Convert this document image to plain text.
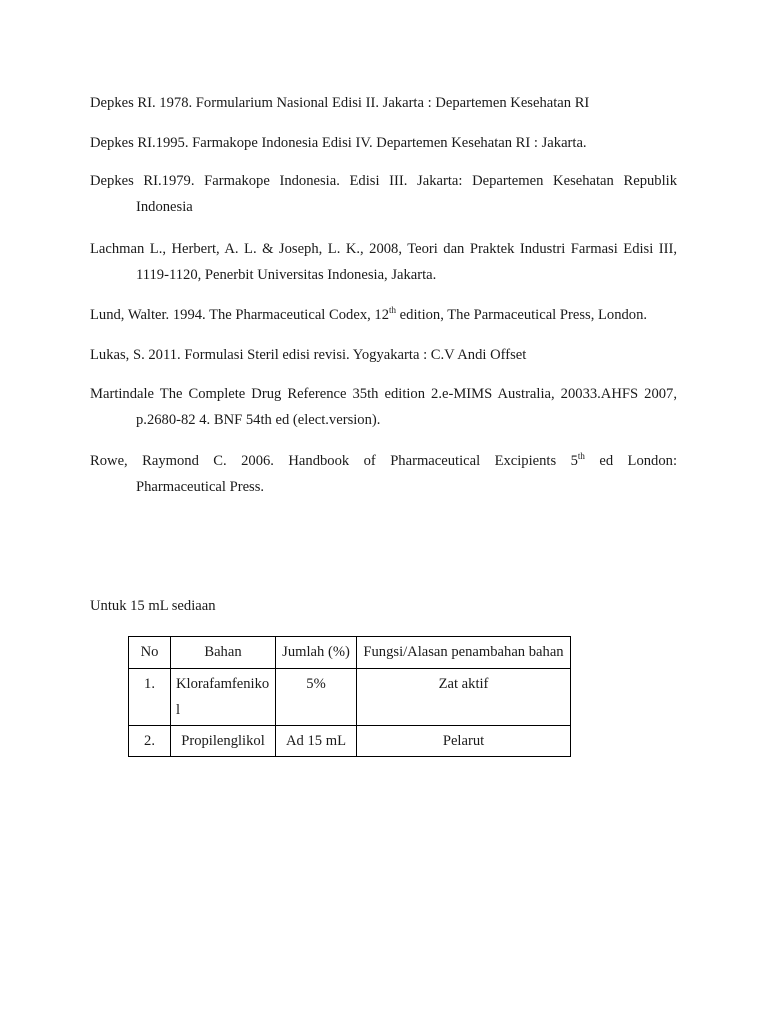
Depkes RI. 1978. Formularium Nasional Edisi II. Jakarta : Departemen Kesehatan RI

Depkes RI.1995. Farmakope Indonesia Edisi IV. Departemen Kesehatan RI : Jakarta.

Depkes RI.1979. Farmakope Indonesia. Edisi III. Jakarta: Departemen Kesehatan Republik
Indonesia

Lachman L., Herbert, A. L. & Joseph, L. K., 2008, Teori dan Praktek Industri Farmasi Edisi III,
1119-1120, Penerbit Universitas Indonesia, Jakarta.

Lund, Walter. 1994. The Pharmaceutical Codex, 12th edition, The Parmaceutical Press, London.

Lukas, S. 2011. Formulasi Steril edisi revisi. Yogyakarta : C.V Andi Offset

Martindale The Complete Drug Reference 35th edition 2.e-MIMS Australia, 20033.AHFS 2007,
p.2680-82 4. BNF 54th ed (elect.version).

Rowe, Raymond C. 2006. Handbook of Pharmaceutical Excipients 5th ed London:
Pharmaceutical Press.

Untuk 15 mL sediaan

No	Bahan	Jumlah (%)	Fungsi/Alasan penambahan bahan
1.	Klorafamfenikol	5%	Zat aktif
2.	Propilenglikol	Ad 15 mL	Pelarut
